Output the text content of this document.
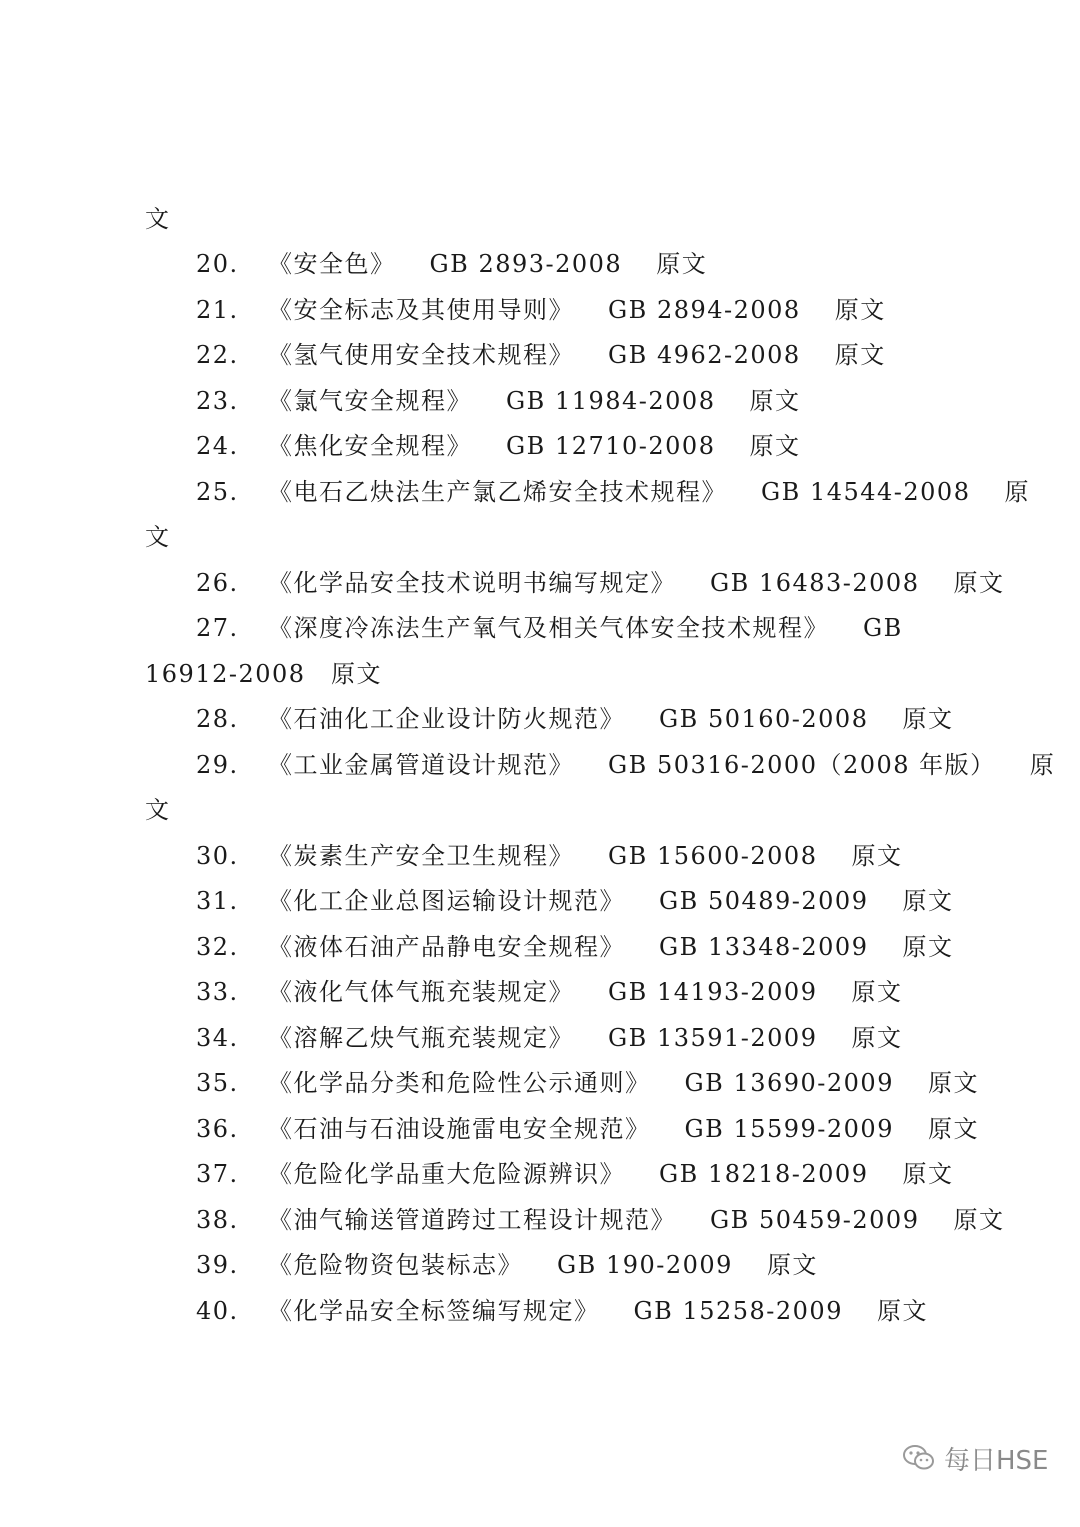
文
20. 《安全色》 GB 2893-2008 原文
21. 《安全标志及其使用导则》 GB 2894-2008 原文
22. 《氢气使用安全技术规程》 GB 4962-2008 原文
23. 《氯气安全规程》 GB 11984-2008 原文
24. 《焦化安全规程》 GB 12710-2008 原文
25. 《电石乙炔法生产氯乙烯安全技术规程》 GB 14544-2008 原
文
26. 《化学品安全技术说明书编写规定》 GB 16483-2008 原文
27. 《深度冷冻法生产氧气及相关气体安全技术规程》 GB
16912-2008　原文
28. 《石油化工企业设计防火规范》 GB 50160-2008 原文
29. 《工业金属管道设计规范》 GB 50316-2000（2008 年版） 原
文
30. 《炭素生产安全卫生规程》 GB 15600-2008 原文
31. 《化工企业总图运输设计规范》 GB 50489-2009 原文
32. 《液体石油产品静电安全规程》 GB 13348-2009 原文
33. 《液化气体气瓶充装规定》 GB 14193-2009 原文
34. 《溶解乙炔气瓶充装规定》 GB 13591-2009 原文
35. 《化学品分类和危险性公示通则》 GB 13690-2009 原文
36. 《石油与石油设施雷电安全规范》 GB 15599-2009 原文
37. 《危险化学品重大危险源辨识》 GB 18218-2009 原文
38. 《油气输送管道跨过工程设计规范》 GB 50459-2009 原文
39. 《危险物资包装标志》 GB 190-2009 原文
40. 《化学品安全标签编写规定》 GB 15258-2009 原文
每日HSE
